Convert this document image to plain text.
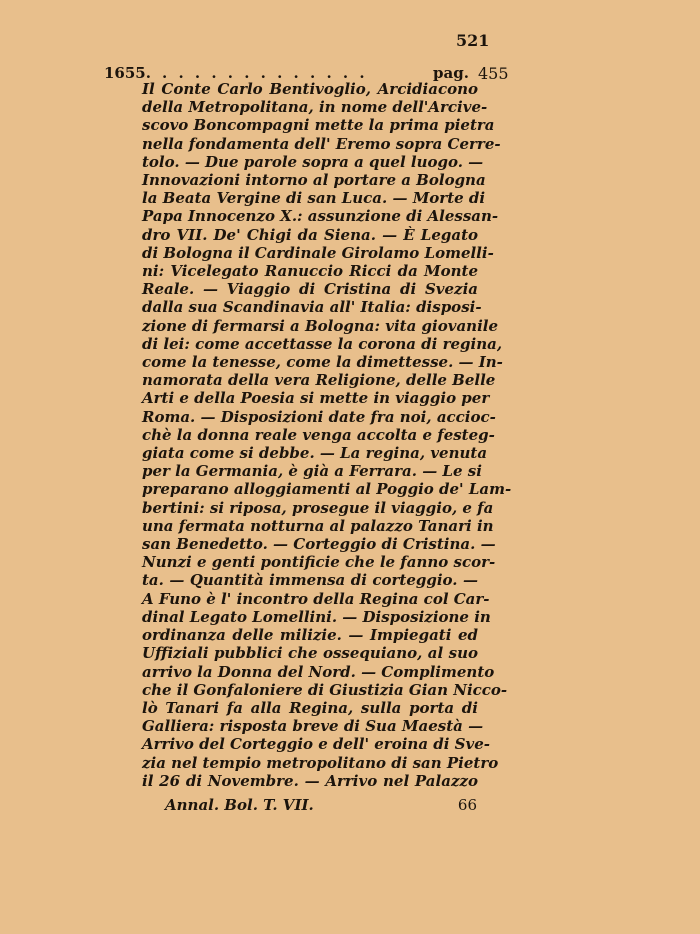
521
1655. . . . . . . . . . . . . .	pag. 455
Il Conte Carlo Bentivoglio, Arcidiacono
della Metropolitana, in nome dell'Arcive-
scovo Boncompagni mette la prima pietra
nella fondamenta dell' Eremo sopra Cerre-
tolo. — Due parole sopra a quel luogo. —
Innovazioni intorno al portare a Bologna
la Beata Vergine di san Luca. — Morte di
Papa Innocenzo X.: assunzione di Alessan-
dro VII. De' Chigi da Siena. — È Legato
di Bologna il Cardinale Girolamo Lomelli-
ni: Vicelegato Ranuccio Ricci da Monte
Reale. — Viaggio di Cristina di Svezia
dalla sua Scandinavia all' Italia: disposi-
zione di fermarsi a Bologna: vita giovanile
di lei: come accettasse la corona di regina,
come la tenesse, come la dimettesse. — In-
namorata della vera Religione, delle Belle
Arti e della Poesia si mette in viaggio per
Roma. — Disposizioni date fra noi, accioc-
chè la donna reale venga accolta e festeg-
giata come si debbe. — La regina, venuta
per la Germania, è già a Ferrara. — Le si
preparano alloggiamenti al Poggio de' Lam-
bertini: si riposa, prosegue il viaggio, e fa
una fermata notturna al palazzo Tanari in
san Benedetto. — Corteggio di Cristina. —
Nunzi e genti pontificie che le fanno scor-
ta. — Quantità immensa di corteggio. —
A Funo è l' incontro della Regina col Car-
dinal Legato Lomellini. — Disposizione in
ordinanza delle milizie. — Impiegati ed
Uffiziali pubblici che ossequiano, al suo
arrivo la Donna del Nord. — Complimento
che il Gonfaloniere di Giustizia Gian Nicco-
lò Tanari fa alla Regina, sulla porta di
Galliera: risposta breve di Sua Maestà —
Arrivo del Corteggio e dell' eroina di Sve-
zia nel tempio metropolitano di san Pietro
il 26 di Novembre. — Arrivo nel Palazzo
Annal. Bol. T. VII.	66
